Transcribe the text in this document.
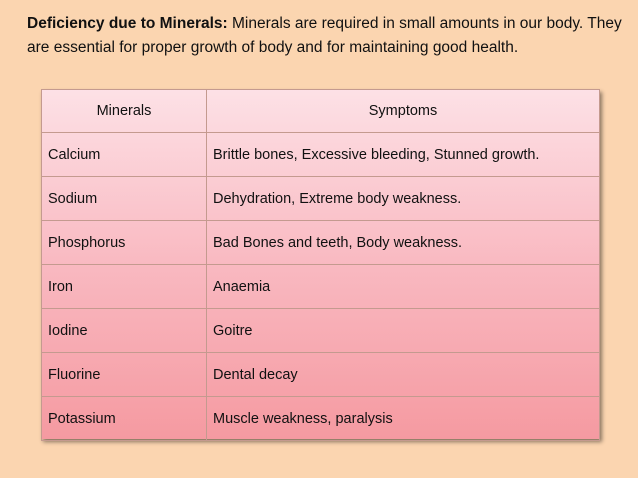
Deficiency due to Minerals: Minerals are required in small amounts in our body. They are essential for proper growth of body and for maintaining good health.
Minerals	Symptoms
Calcium	Brittle bones, Excessive bleeding, Stunned growth.
Sodium	Dehydration, Extreme body weakness.
Phosphorus	Bad Bones and teeth, Body weakness.
Iron	Anaemia
Iodine	Goitre
Fluorine	Dental decay
Potassium	Muscle weakness, paralysis
